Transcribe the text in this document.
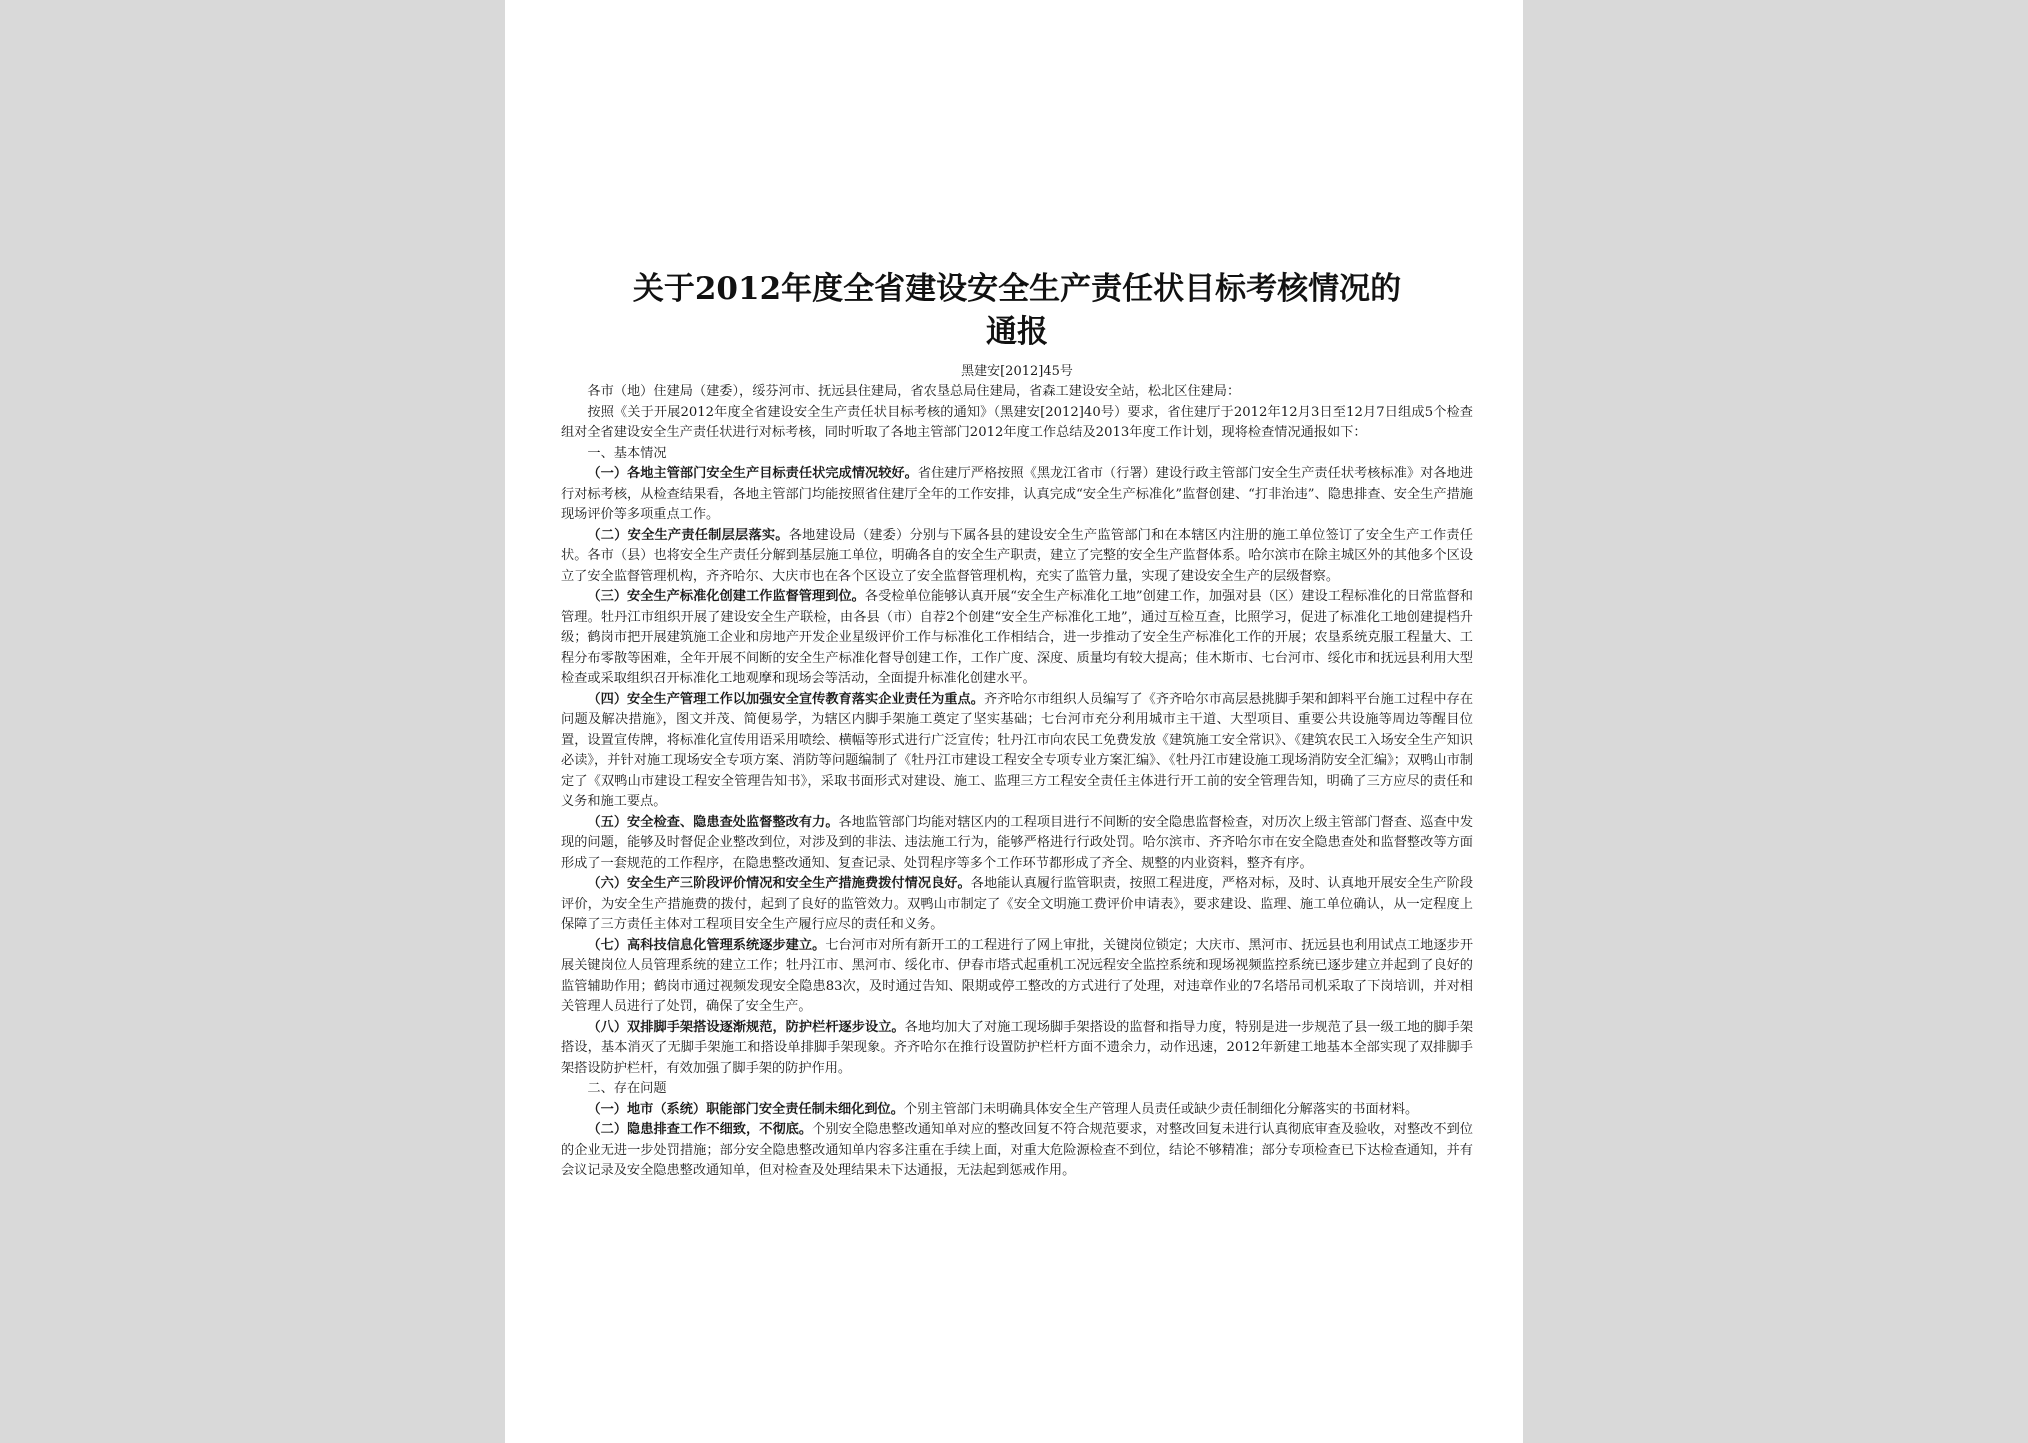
关于2012年度全省建设安全生产责任状目标考核情况的
通报

黑建安[2012]45号

各市（地）住建局（建委），绥芬河市、抚远县住建局，省农垦总局住建局，省森工建设安全站，松北区住建局：

按照《关于开展2012年度全省建设安全生产责任状目标考核的通知》（黑建安[2012]40号）要求，省住建厅于2012年12月3日至12月7日组成5个检查组对全省建设安全生产责任状进行对标考核，同时听取了各地主管部门2012年度工作总结及2013年度工作计划，现将检查情况通报如下：

一、基本情况

（一）各地主管部门安全生产目标责任状完成情况较好。省住建厅严格按照《黑龙江省市（行署）建设行政主管部门安全生产责任状考核标准》对各地进行对标考核，从检查结果看，各地主管部门均能按照省住建厅全年的工作安排，认真完成“安全生产标准化”监督创建、“打非治违”、隐患排查、安全生产措施现场评价等多项重点工作。

（二）安全生产责任制层层落实。各地建设局（建委）分别与下属各县的建设安全生产监管部门和在本辖区内注册的施工单位签订了安全生产工作责任状。各市（县）也将安全生产责任分解到基层施工单位，明确各自的安全生产职责，建立了完整的安全生产监督体系。哈尔滨市在除主城区外的其他多个区设立了安全监督管理机构，齐齐哈尔、大庆市也在各个区设立了安全监督管理机构，充实了监管力量，实现了建设安全生产的层级督察。

（三）安全生产标准化创建工作监督管理到位。各受检单位能够认真开展“安全生产标准化工地”创建工作，加强对县（区）建设工程标准化的日常监督和管理。牡丹江市组织开展了建设安全生产联检，由各县（市）自荐2个创建“安全生产标准化工地”，通过互检互查，比照学习，促进了标准化工地创建提档升级；鹤岗市把开展建筑施工企业和房地产开发企业星级评价工作与标准化工作相结合，进一步推动了安全生产标准化工作的开展；农垦系统克服工程量大、工程分布零散等困难，全年开展不间断的安全生产标准化督导创建工作，工作广度、深度、质量均有较大提高；佳木斯市、七台河市、绥化市和抚远县利用大型检查或采取组织召开标准化工地观摩和现场会等活动，全面提升标准化创建水平。

（四）安全生产管理工作以加强安全宣传教育落实企业责任为重点。齐齐哈尔市组织人员编写了《齐齐哈尔市高层悬挑脚手架和卸料平台施工过程中存在问题及解决措施》，图文并茂、简便易学，为辖区内脚手架施工奠定了坚实基础；七台河市充分利用城市主干道、大型项目、重要公共设施等周边等醒目位置，设置宣传牌，将标准化宣传用语采用喷绘、横幅等形式进行广泛宣传；牡丹江市向农民工免费发放《建筑施工安全常识》、《建筑农民工入场安全生产知识必读》，并针对施工现场安全专项方案、消防等问题编制了《牡丹江市建设工程安全专项专业方案汇编》、《牡丹江市建设施工现场消防安全汇编》；双鸭山市制定了《双鸭山市建设工程安全管理告知书》，采取书面形式对建设、施工、监理三方工程安全责任主体进行开工前的安全管理告知，明确了三方应尽的责任和义务和施工要点。

（五）安全检查、隐患查处监督整改有力。各地监管部门均能对辖区内的工程项目进行不间断的安全隐患监督检查，对历次上级主管部门督查、巡查中发现的问题，能够及时督促企业整改到位，对涉及到的非法、违法施工行为，能够严格进行行政处罚。哈尔滨市、齐齐哈尔市在安全隐患查处和监督整改等方面形成了一套规范的工作程序，在隐患整改通知、复查记录、处罚程序等多个工作环节都形成了齐全、规整的内业资料，整齐有序。

（六）安全生产三阶段评价情况和安全生产措施费拨付情况良好。各地能认真履行监管职责，按照工程进度，严格对标，及时、认真地开展安全生产阶段评价，为安全生产措施费的拨付，起到了良好的监管效力。双鸭山市制定了《安全文明施工费评价申请表》，要求建设、监理、施工单位确认，从一定程度上保障了三方责任主体对工程项目安全生产履行应尽的责任和义务。

（七）高科技信息化管理系统逐步建立。七台河市对所有新开工的工程进行了网上审批，关键岗位锁定；大庆市、黑河市、抚远县也利用试点工地逐步开展关键岗位人员管理系统的建立工作；牡丹江市、黑河市、绥化市、伊春市塔式起重机工况远程安全监控系统和现场视频监控系统已逐步建立并起到了良好的监管辅助作用；鹤岗市通过视频发现安全隐患83次，及时通过告知、限期或停工整改的方式进行了处理，对违章作业的7名塔吊司机采取了下岗培训，并对相关管理人员进行了处罚，确保了安全生产。

（八）双排脚手架搭设逐渐规范，防护栏杆逐步设立。各地均加大了对施工现场脚手架搭设的监督和指导力度，特别是进一步规范了县一级工地的脚手架搭设，基本消灭了无脚手架施工和搭设单排脚手架现象。齐齐哈尔在推行设置防护栏杆方面不遗余力，动作迅速，2012年新建工地基本全部实现了双排脚手架搭设防护栏杆，有效加强了脚手架的防护作用。

二、存在问题

（一）地市（系统）职能部门安全责任制未细化到位。个别主管部门未明确具体安全生产管理人员责任或缺少责任制细化分解落实的书面材料。

（二）隐患排查工作不细致，不彻底。个别安全隐患整改通知单对应的整改回复不符合规范要求，对整改回复未进行认真彻底审查及验收，对整改不到位的企业无进一步处罚措施；部分安全隐患整改通知单内容多注重在手续上面，对重大危险源检查不到位，结论不够精准；部分专项检查已下达检查通知，并有会议记录及安全隐患整改通知单，但对检查及处理结果未下达通报，无法起到惩戒作用。
